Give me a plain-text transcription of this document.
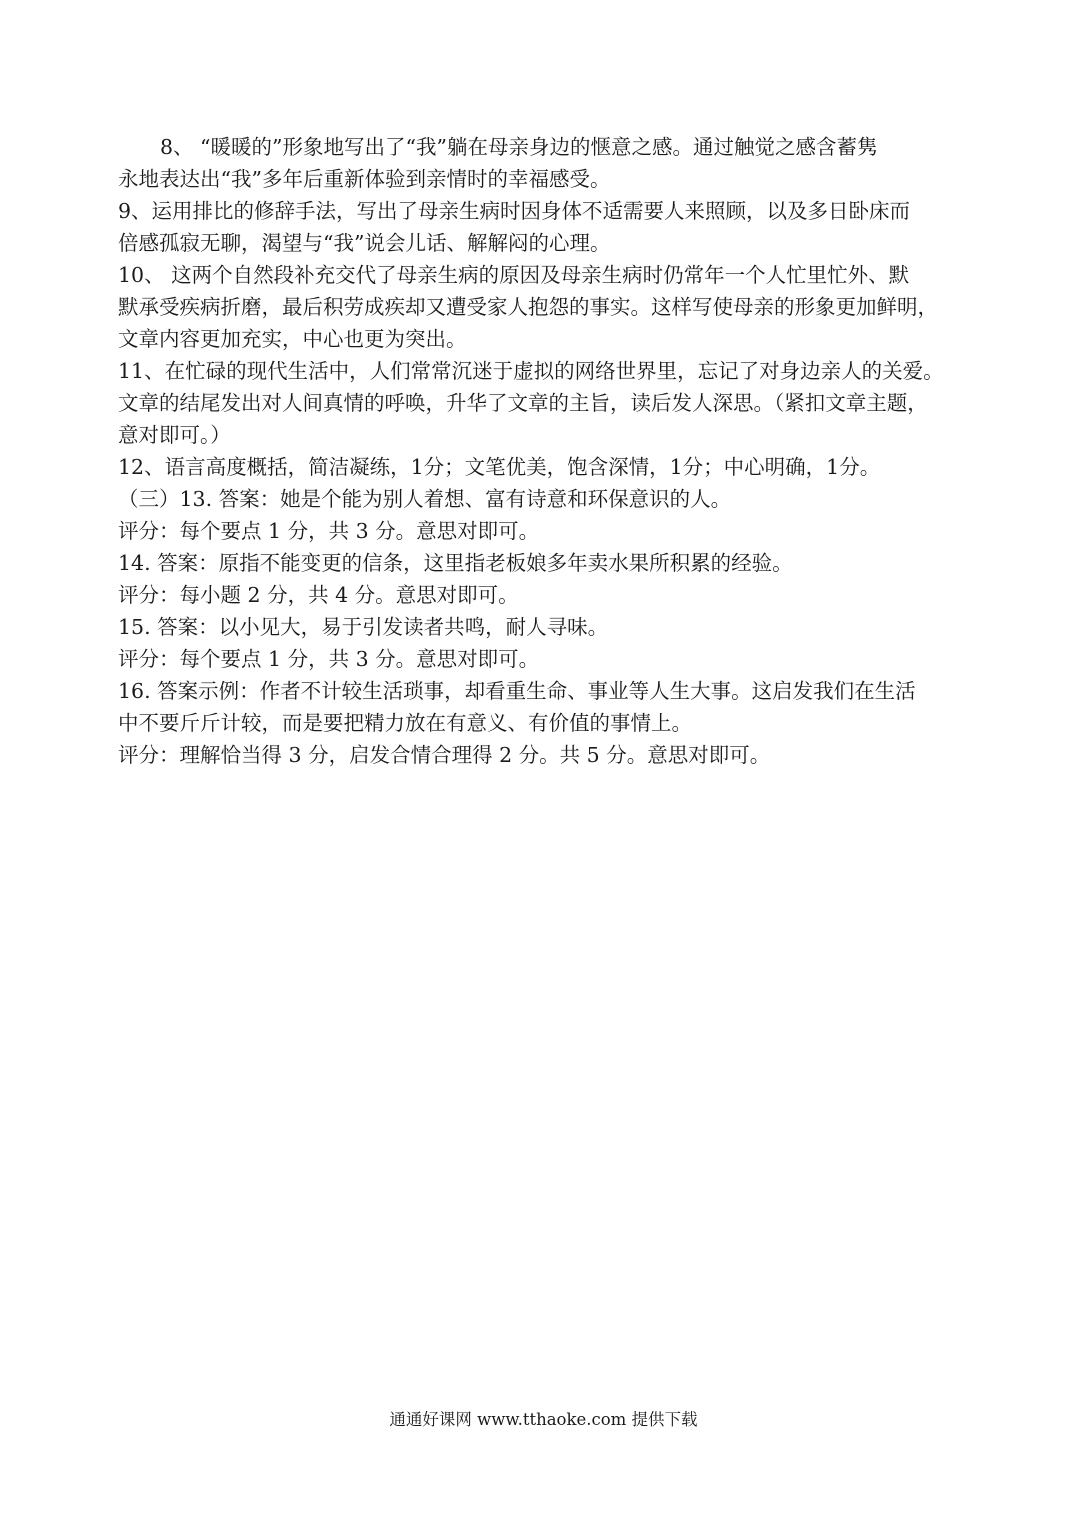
8、 “暖暖的”形象地写出了“我”躺在母亲身边的惬意之感。通过触觉之感含蓄隽
永地表达出“我”多年后重新体验到亲情时的幸福感受。
9、运用排比的修辞手法，写出了母亲生病时因身体不适需要人来照顾，以及多日卧床而
倍感孤寂无聊，渴望与“我”说会儿话、解解闷的心理。
10、 这两个自然段补充交代了母亲生病的原因及母亲生病时仍常年一个人忙里忙外、默
默承受疾病折磨，最后积劳成疾却又遭受家人抱怨的事实。这样写使母亲的形象更加鲜明，
文章内容更加充实，中心也更为突出。
11、在忙碌的现代生活中，人们常常沉迷于虚拟的网络世界里，忘记了对身边亲人的关爱。
文章的结尾发出对人间真情的呼唤，升华了文章的主旨，读后发人深思。（紧扣文章主题，
意对即可。）
12、语言高度概括，简洁凝练，1分；文笔优美，饱含深情，1分；中心明确，1分。
（三）13. 答案：她是个能为别人着想、富有诗意和环保意识的人。
评分：每个要点 1 分，共 3 分。意思对即可。
14. 答案：原指不能变更的信条，这里指老板娘多年卖水果所积累的经验。
评分：每小题 2 分，共 4 分。意思对即可。
15. 答案：以小见大，易于引发读者共鸣，耐人寻味。
评分：每个要点 1 分，共 3 分。意思对即可。
16. 答案示例：作者不计较生活琐事，却看重生命、事业等人生大事。这启发我们在生活
中不要斤斤计较，而是要把精力放在有意义、有价值的事情上。
评分：理解恰当得 3 分，启发合情合理得 2 分。共 5 分。意思对即可。
通通好课网 www.tthaoke.com 提供下载
